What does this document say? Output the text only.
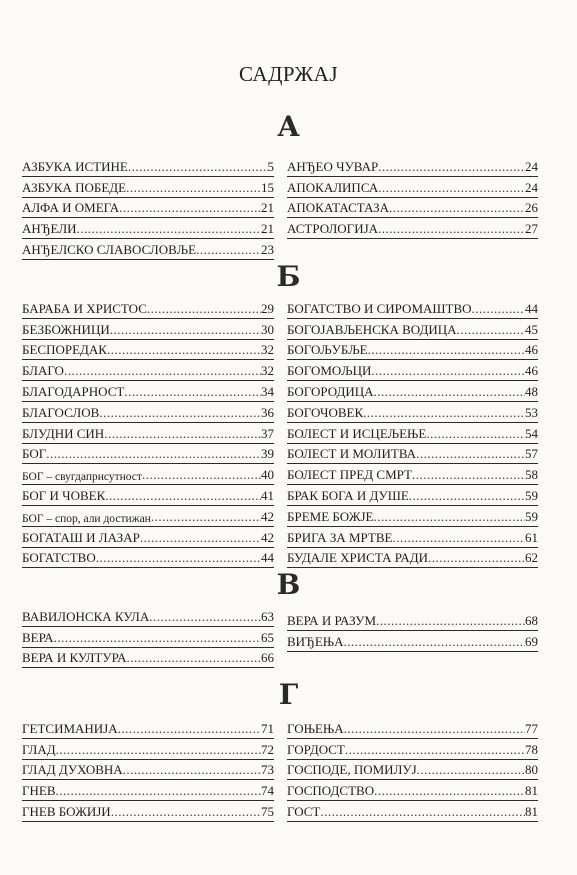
САДРЖАЈ
А
АЗБУКА ИСТИНЕ .....	5
АЗБУКА ПОБЕДЕ .....	15
АЛФА И ОМЕГА .....	21
АНЂЕЛИ .....	21
АНЂЕЛСКО СЛАВОСЛОВЉЕ .....	23
АНЂЕО ЧУВАР .....	24
АПОКАЛИПСА .....	24
АПОКАТАСТАЗА .....	26
АСТРОЛОГИЈА .....	27
Б
БАРАБА И ХРИСТОС .....	29
БЕЗБОЖНИЦИ .....	30
БЕСПОРЕДАК .....	32
БЛАГО .....	32
БЛАГОДАРНОСТ .....	34
БЛАГОСЛОВ .....	36
БЛУДНИ СИН .....	37
БОГ .....	39
БОГ – свугдаприсутност .....	40
БОГ И ЧОВЕК .....	41
БОГ – спор, али достижан .....	42
БОГАТАШ И ЛАЗАР .....	42
БОГАТСТВО .....	44
БОГАТСТВО И СИРОМАШТВО .....	44
БОГОЈАВЉЕНСКА ВОДИЦА .....	45
БОГОЉУБЉЕ .....	46
БОГОМОЉЦИ .....	46
БОГОРОДИЦА .....	48
БОГОЧОВЕК .....	53
БОЛЕСТ И ИСЦЕЉЕЊЕ .....	54
БОЛЕСТ И МОЛИТВА .....	57
БОЛЕСТ ПРЕД СМРТ .....	58
БРАК БОГА И ДУШЕ .....	59
БРЕМЕ БОЖЈЕ .....	59
БРИГА ЗА МРТВЕ .....	61
БУДАЛЕ ХРИСТА РАДИ .....	62
В
ВАВИЛОНСКА КУЛА .....	63
ВЕРА .....	65
ВЕРА И КУЛТУРА .....	66
ВЕРА И РАЗУМ .....	68
ВИЂЕЊА .....	69
Г
ГЕТСИМАНИЈА .....	71
ГЛАД .....	72
ГЛАД ДУХОВНА .....	73
ГНЕВ .....	74
ГНЕВ БОЖИЈИ .....	75
ГОЊЕЊА .....	77
ГОРДОСТ .....	78
ГОСПОДЕ, ПОМИЛУЈ .....	80
ГОСПОДСТВО .....	81
ГОСТ .....	81
